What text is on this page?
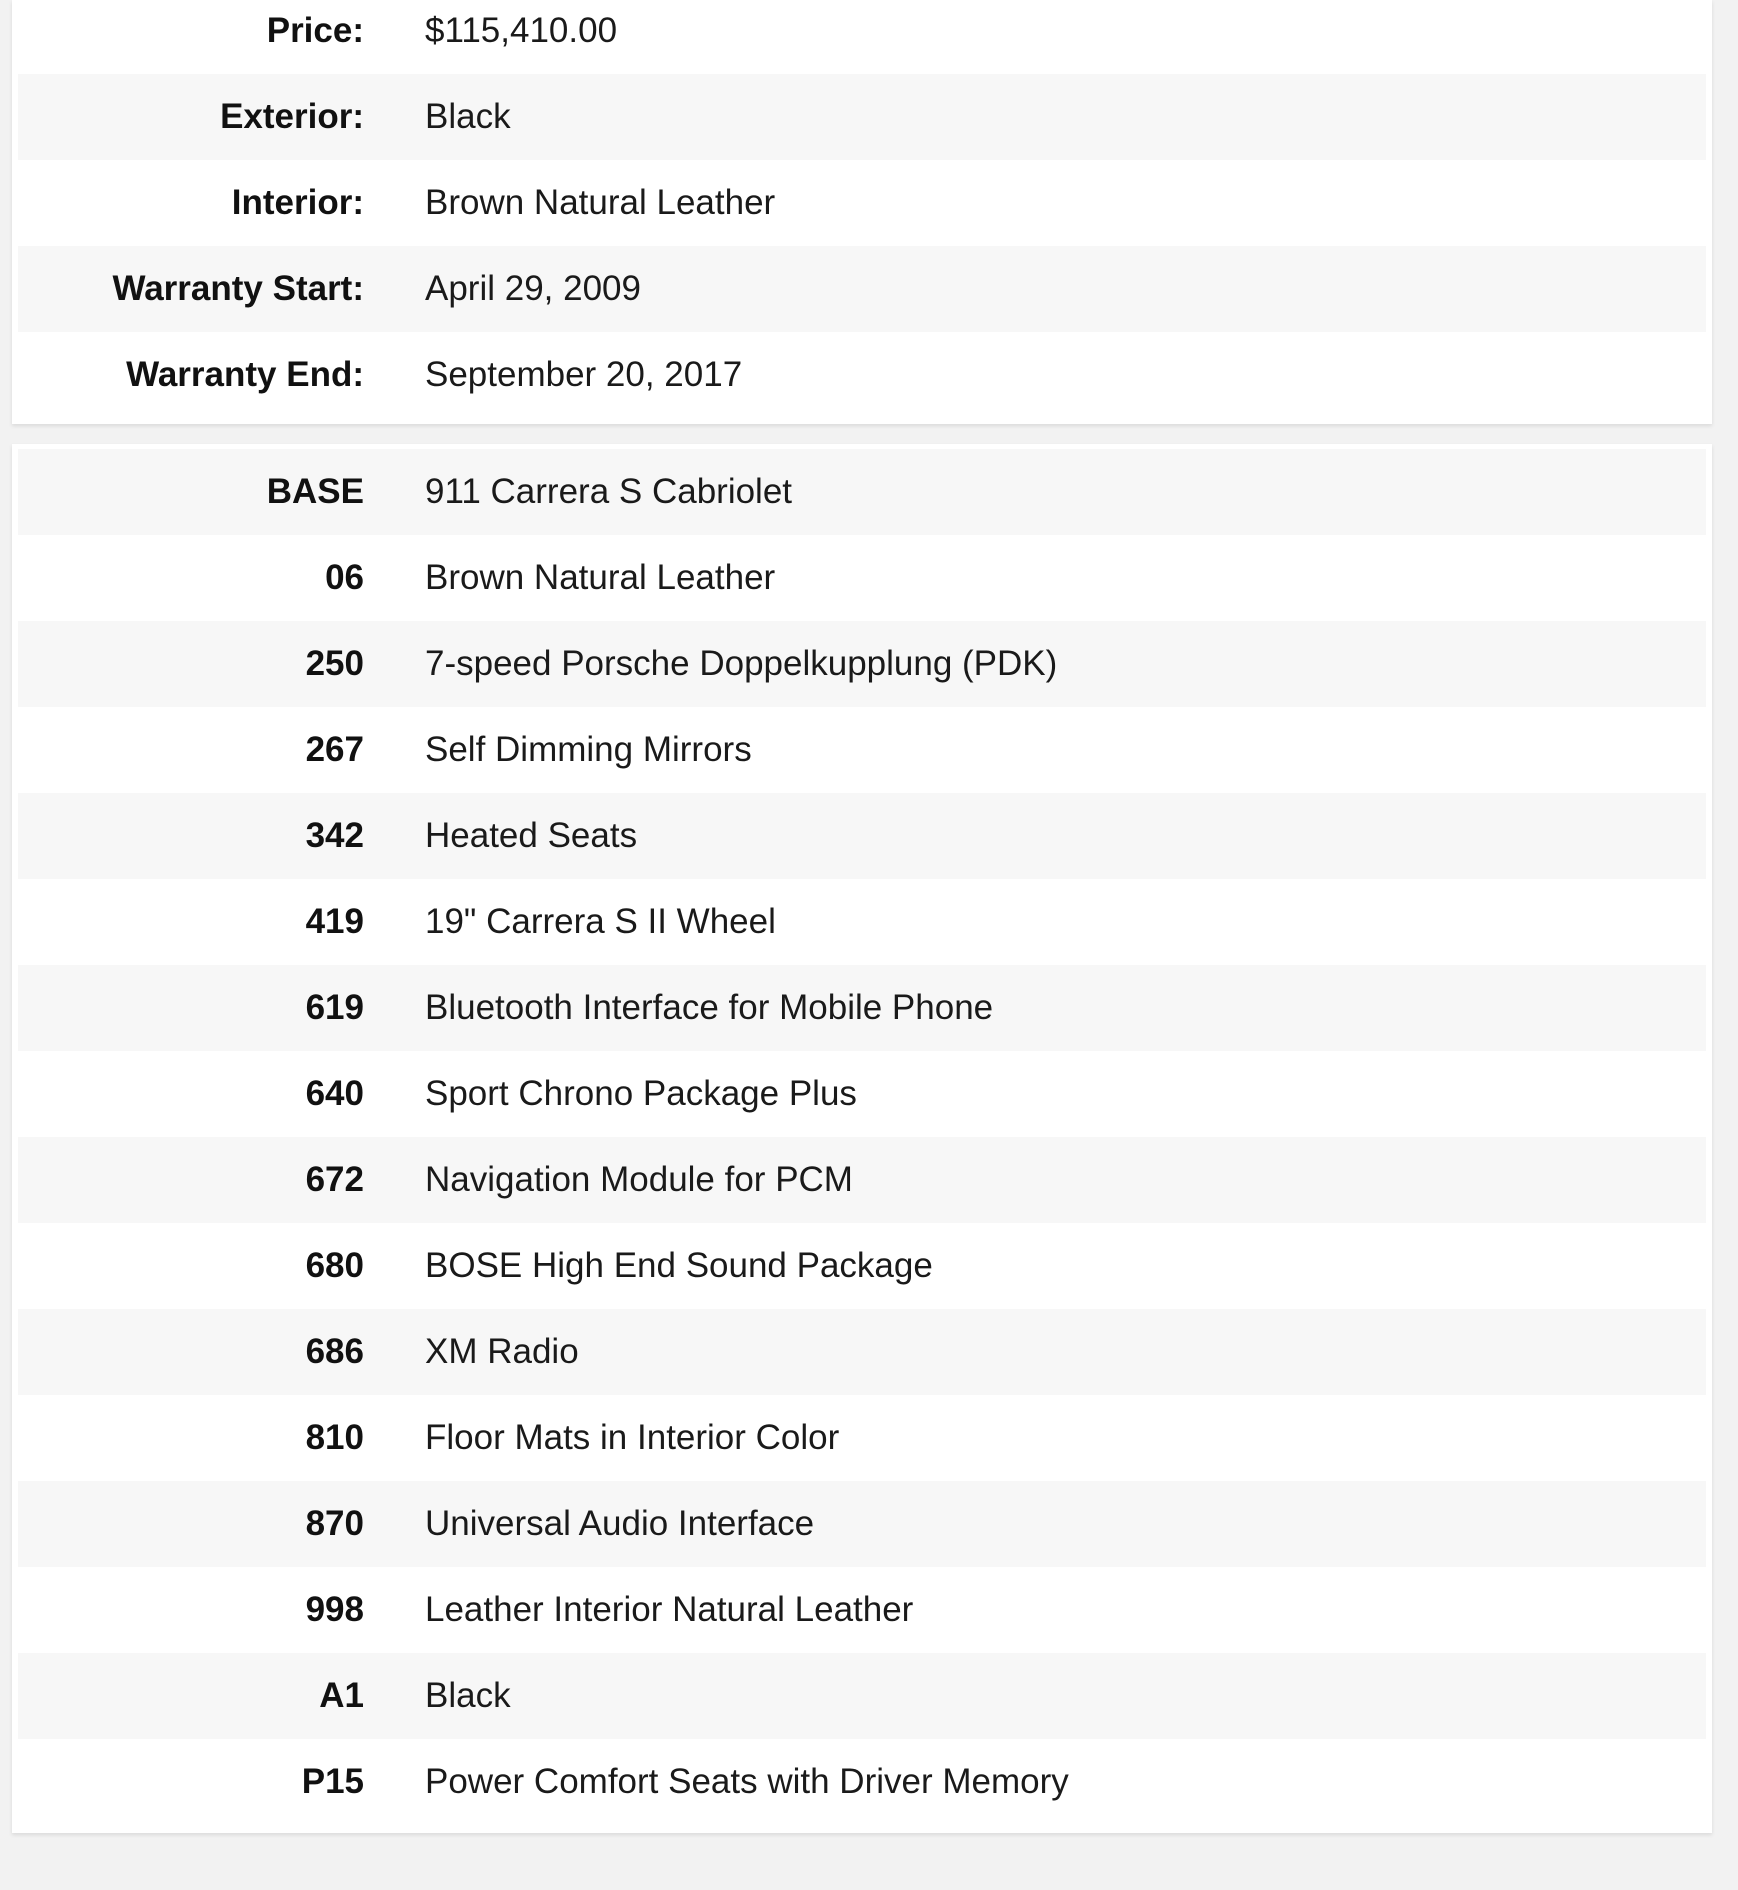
Price:	$115,410.00
Exterior:	Black
Interior:	Brown Natural Leather
Warranty Start:	April 29, 2009
Warranty End:	September 20, 2017
BASE	911 Carrera S Cabriolet
06	Brown Natural Leather
250	7-speed Porsche Doppelkupplung (PDK)
267	Self Dimming Mirrors
342	Heated Seats
419	19" Carrera S II Wheel
619	Bluetooth Interface for Mobile Phone
640	Sport Chrono Package Plus
672	Navigation Module for PCM
680	BOSE High End Sound Package
686	XM Radio
810	Floor Mats in Interior Color
870	Universal Audio Interface
998	Leather Interior Natural Leather
A1	Black
P15	Power Comfort Seats with Driver Memory
